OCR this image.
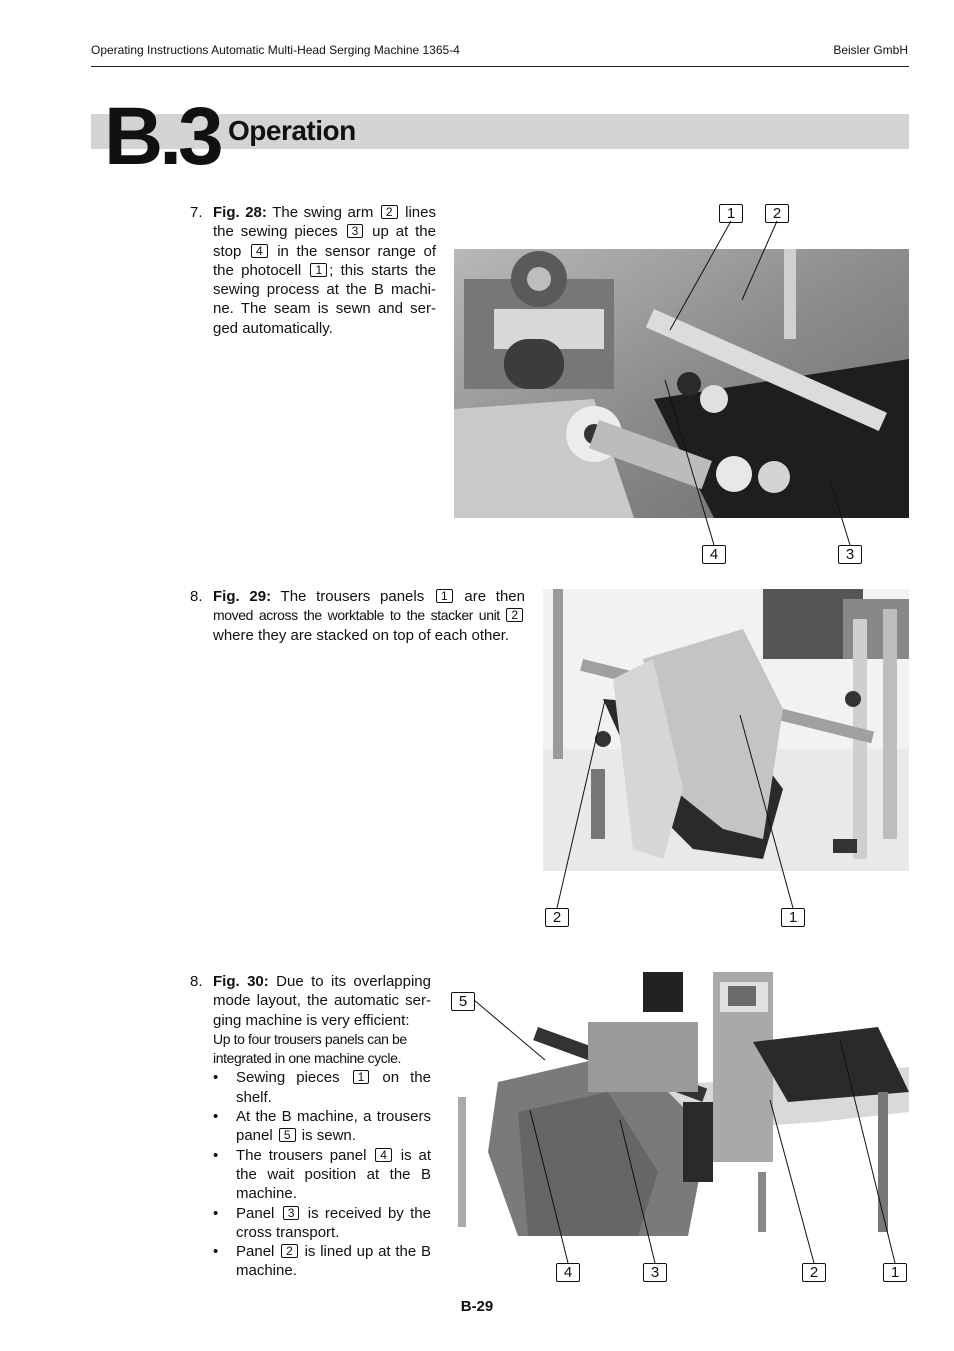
Operating Instructions Automatic Multi-Head Serging Machine 1365-4	Beisler GmbH
B.3 Operation
7. Fig. 28: The swing arm 2 lines the sewing pieces 3 up at the stop 4 in the sensor range of the photocell 1 ; this starts the sewing process at the B machi-ne. The seam is sewn and ser-ged automatically.
8. Fig. 29: The trousers panels 1 are then moved across the worktable to the stacker unit 2 where they are stacked on top of each other.
8. Fig. 30: Due to its overlapping mode layout, the automatic ser-ging machine is very efficient:
Up to four trousers panels can be integrated in one machine cycle.
• Sewing pieces 1 on the shelf.
• At the B machine, a trousers panel 5 is sewn.
• The trousers panel 4 is at the wait position at the B machine.
• Panel 3 is received by the cross transport.
• Panel 2 is lined up at the B machine.
1	2
4	3
2	1
5
4	3	2	1
B-29
